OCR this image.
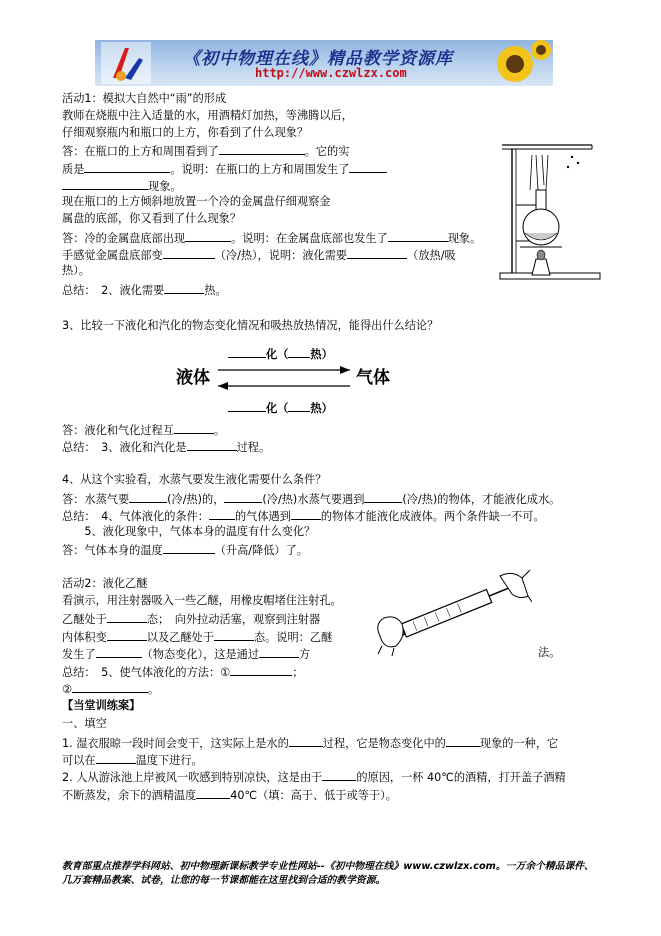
《初中物理在线》精品教学资源库
http://www.czwlzx.com
活动1：模拟大自然中“雨”的形成
教师在烧瓶中注入适量的水，用酒精灯加热，等沸腾以后，
仔细观察瓶内和瓶口的上方，你看到了什么现象？
答：在瓶口的上方和周围看到了	。它的实
质是	。说明：在瓶口的上方和周围发生了
现象。
现在瓶口的上方倾斜地放置一个冷的金属盘仔细观察金
属盘的底部，你又看到了什么现象？
答：冷的金属盘底部出现	。说明：在金属盘底部也发生了	现象。
手感觉金属盘底部变	（冷/热），说明：液化需要	（放热/吸
热）。
总结：　2、液化需要	热。
3、比较一下液化和汽化的物态变化情况和吸热放热情况，能得出什么结论？
化（ 热）
液体	气体
化（ 热）
答：液化和气化过程互	。
总结：　3、液化和汽化是	过程。
4、从这个实验看，水蒸气要发生液化需要什么条件？
答：水蒸气要	(冷/热)的，	(冷/热)水蒸气要遇到	(冷/热)的物体，才能液化成水。
总结：　4、气体液化的条件： 的气体遇到	的物体才能液化成液体。两个条件缺一不可。
　　5、液化现象中，气体本身的温度有什么变化？
答：气体本身的温度	（升高/降低）了。
活动2：液化乙醚
看演示，用注射器吸入一些乙醚，用橡皮帽堵住注射孔。
乙醚处于	态；　向外拉动活塞，观察到注射器
内体积变	以及乙醚处于	态。说明：乙醚
发生了	（物态变化），这是通过	方	法。
总结：　5、使气体液化的方法：①	；
②	。
【当堂训练案】
一、填空
1. 湿衣服晾一段时间会变干，这实际上是水的	过程，它是物态变化中的	现象的一种，它
可以在	温度下进行。
2. 人从游泳池上岸被风一吹感到特别凉快，这是由于	的原因，一杯 40℃的酒精，打开盖子酒精
不断蒸发，余下的酒精温度	40℃（填：高于、低于或等于）。
教育部重点推荐学科网站、初中物理新课标教学专业性网站--《初中物理在线》www.czwlzx.com。一万余个精品课件、几万套精品教案、试卷，让您的每一节课都能在这里找到合适的教学资源。
